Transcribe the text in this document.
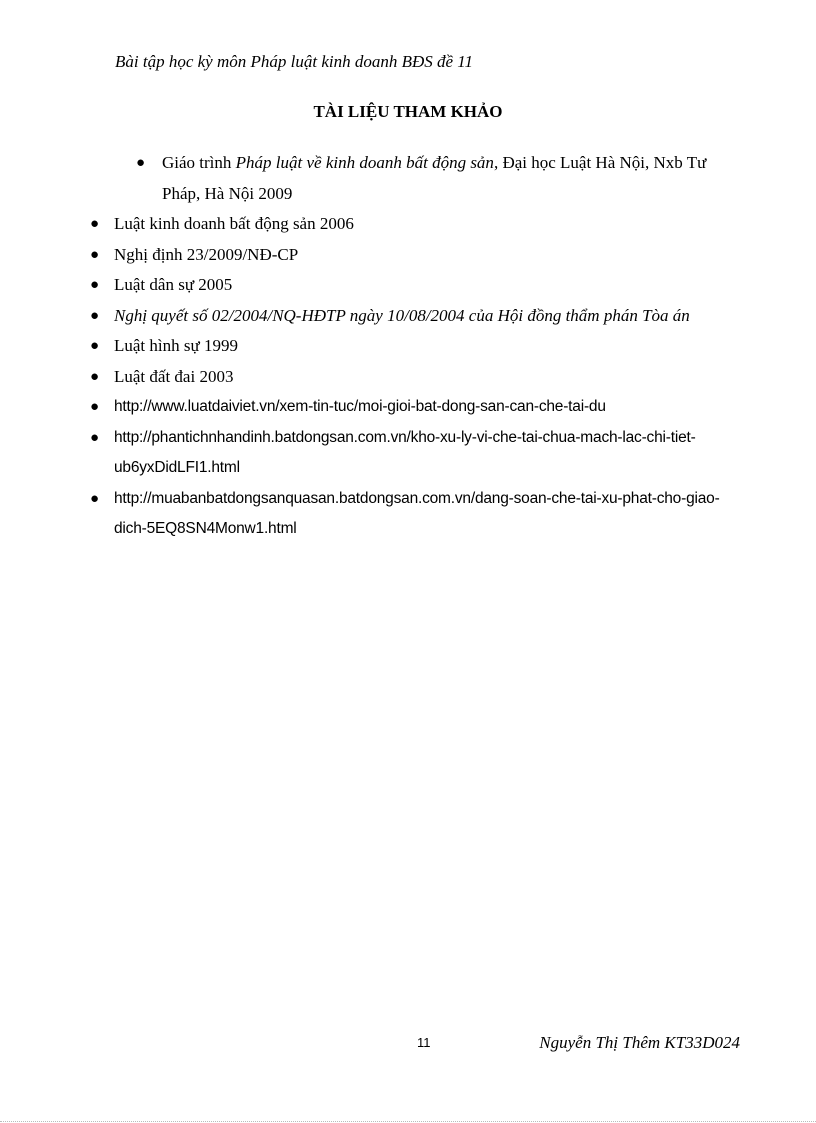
Bài tập học kỳ môn Pháp luật kinh doanh BĐS đề 11
TÀI LIỆU THAM KHẢO
● Giáo trình Pháp luật về kinh doanh bất động sản, Đại học Luật Hà Nội, Nxb Tư Pháp, Hà Nội 2009
● Luật kinh doanh bất động sản 2006
● Nghị định 23/2009/NĐ-CP
● Luật dân sự 2005
● Nghị quyết số 02/2004/NQ-HĐTP ngày 10/08/2004 của Hội đồng thẩm phán Tòa án
● Luật hình sự 1999
● Luật đất đai 2003
● http://www.luatdaiviet.vn/xem-tin-tuc/moi-gioi-bat-dong-san-can-che-tai-du
● http://phantichnhandinh.batdongsan.com.vn/kho-xu-ly-vi-che-tai-chua-mach-lac-chi-tiet-ub6yxDidLFI1.html
● http://muabanbatdongsanquasan.batdongsan.com.vn/dang-soan-che-tai-xu-phat-cho-giao-dich-5EQ8SN4Monw1.html
11	Nguyễn Thị Thêm KT33D024
